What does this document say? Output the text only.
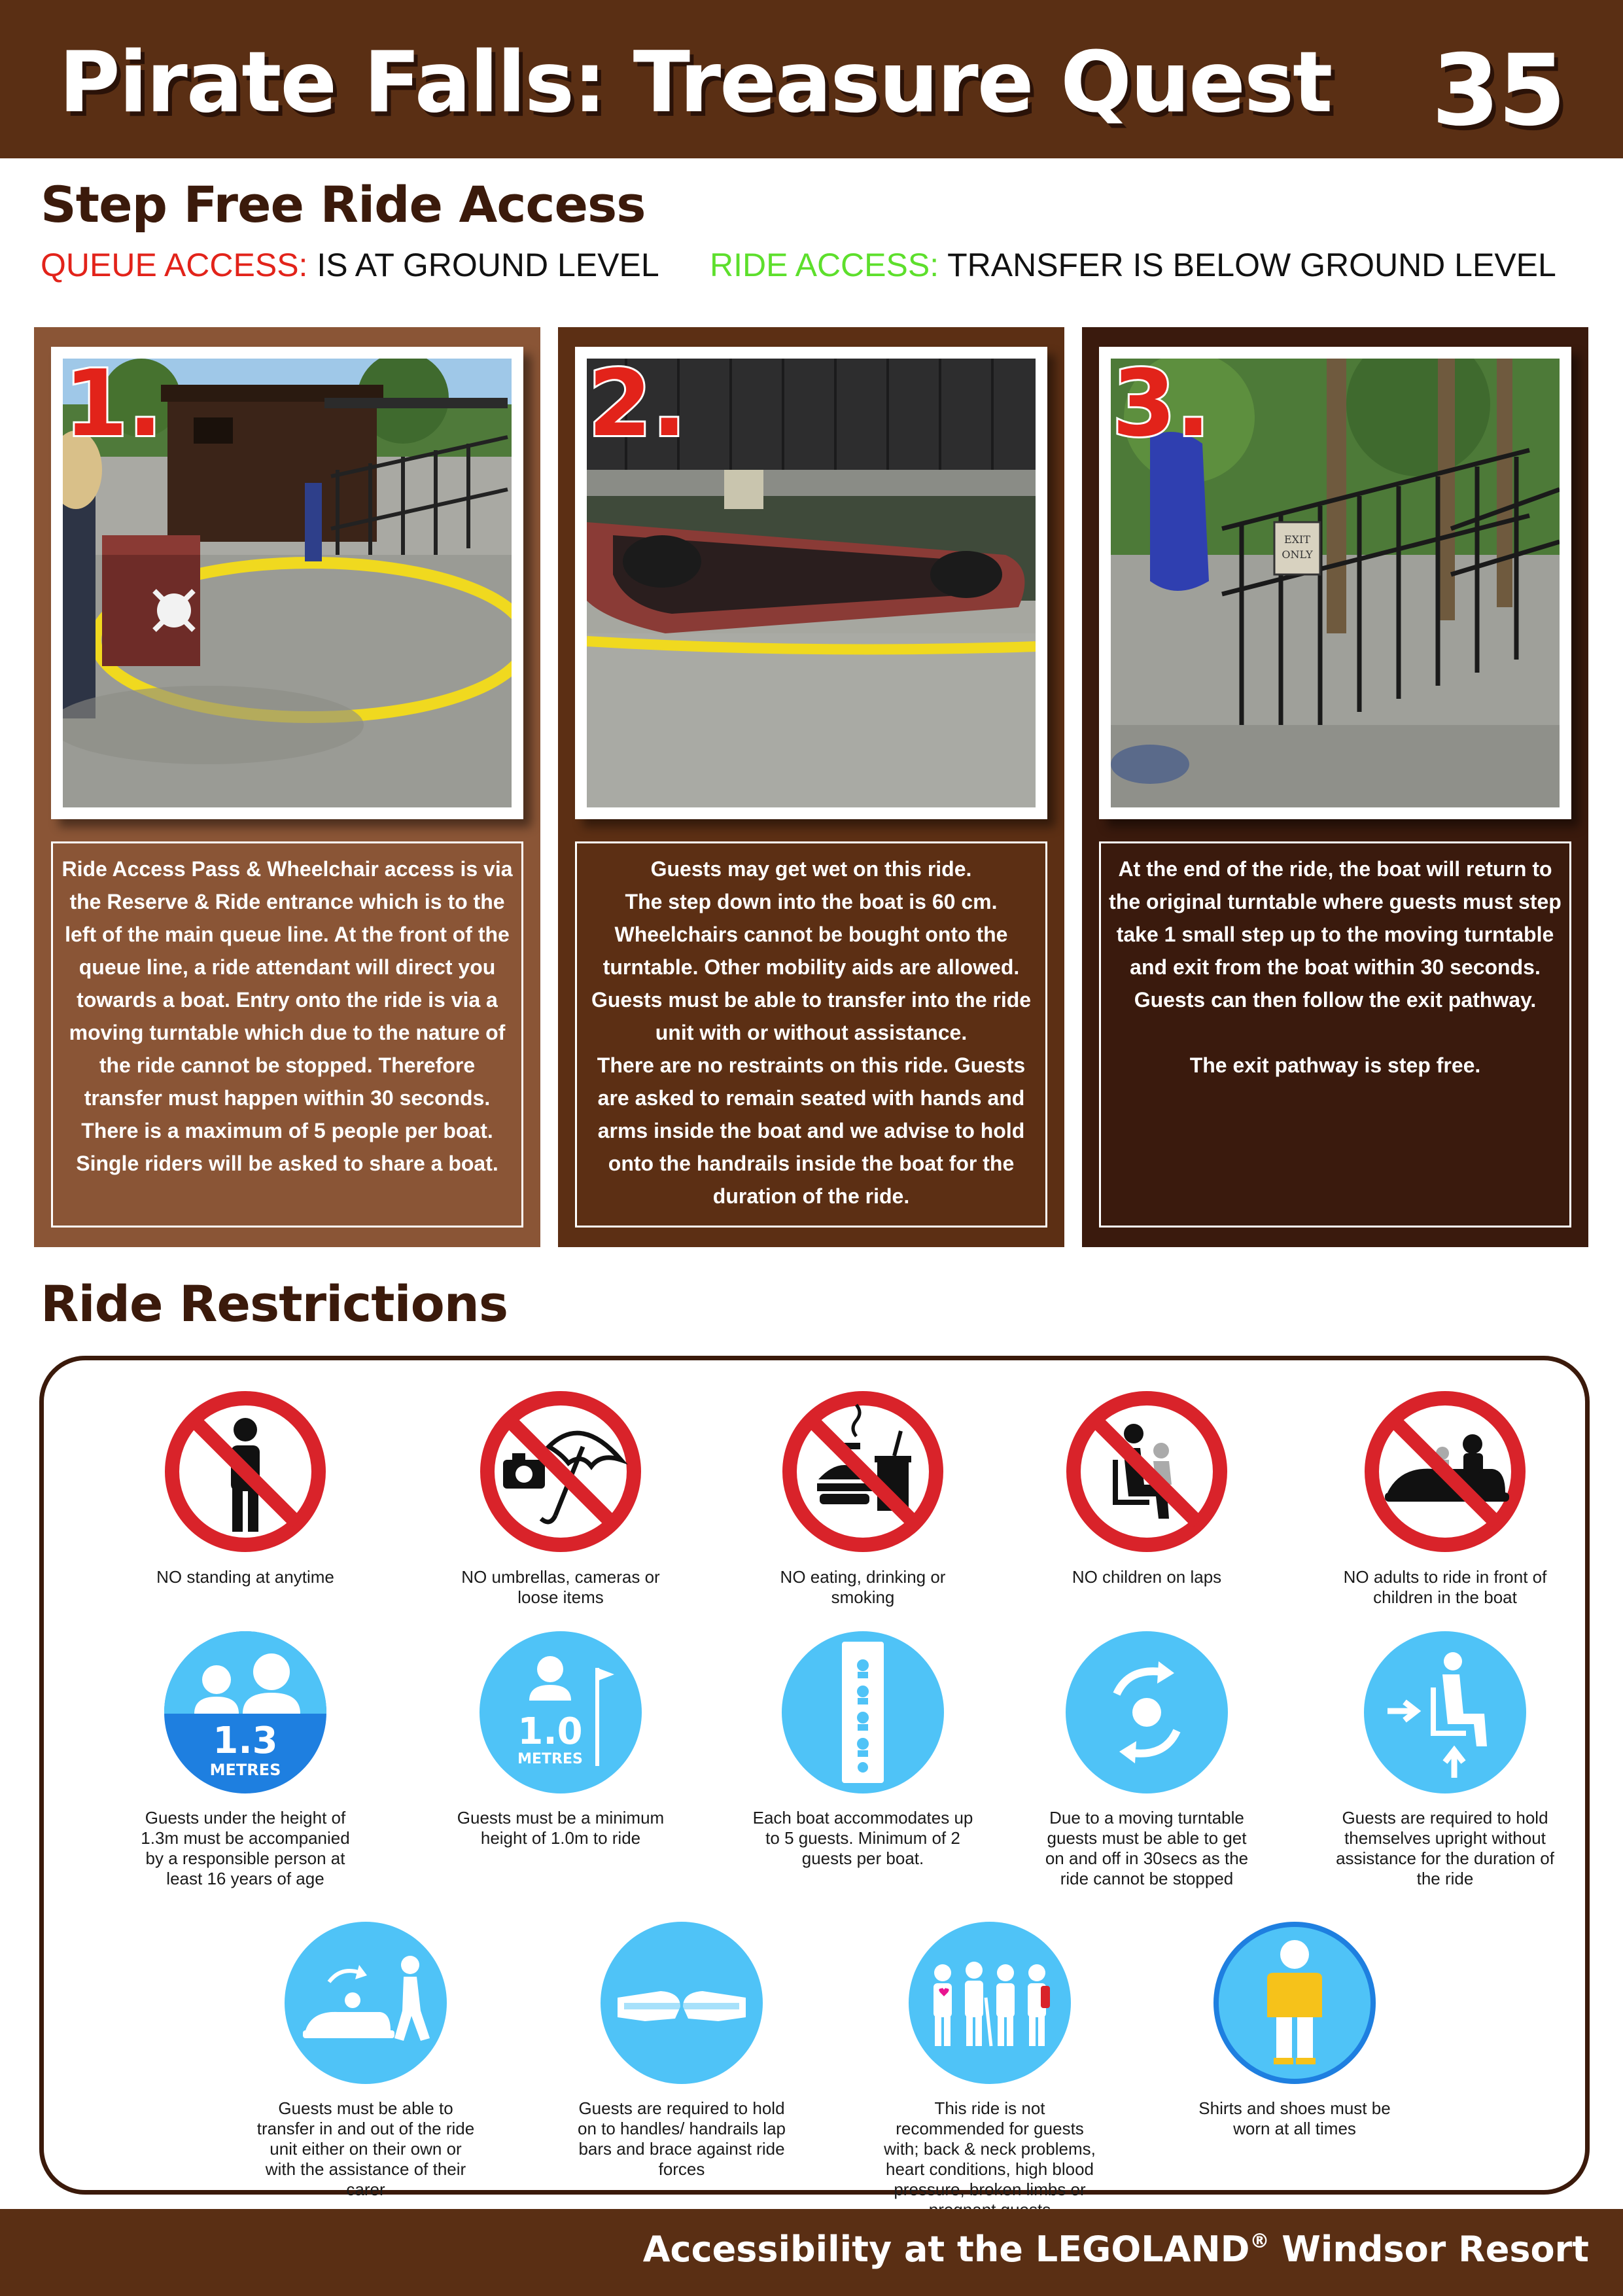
Pirate Falls: Treasure Quest 35
Step Free Ride Access
QUEUE ACCESS: IS AT GROUND LEVEL RIDE ACCESS: TRANSFER IS BELOW GROUND LEVEL
1.

Ride Access Pass & Wheelchair access is via the Reserve & Ride entrance which is to the left of the main queue line. At the front of the queue line, a ride attendant will direct you towards a boat. Entry onto the ride is via a moving turntable which due to the nature of the ride cannot be stopped. Therefore transfer must happen within 30 seconds. There is a maximum of 5 people per boat. Single riders will be asked to share a boat.

2.

Guests may get wet on this ride.

The step down into the boat is 60 cm.

Wheelchairs cannot be bought onto the turntable. Other mobility aids are allowed. Guests must be able to transfer into the ride unit with or without assistance.

There are no restraints on this ride. Guests are asked to remain seated with hands and arms inside the boat and we advise to hold onto the handrails inside the boat for the duration of the ride.

EXIT
ONLY
3.

At the end of the ride, the boat will return to the original turntable where guests must step take 1 small step up to the moving turntable and exit from the boat within 30 seconds. Guests can then follow the exit pathway.

The exit pathway is step free.

Ride Restrictions
NO standing at anytime	NO umbrellas, cameras or loose items
NO eating, drinking or smoking
NO children on laps	NO adults to ride in front of children in the boat
1.3
METRES
Guests under the height of 1.3m must be accompanied by a responsible person at least 16 years of age
1.0
METRES
Guests must be a minimum height of 1.0m to ride
Each boat accommodates up to 5 guests. Minimum of 2 guests per boat.
Due to a moving turntable guests must be able to get on and off in 30secs as the ride cannot be stopped
Guests are required to hold themselves upright without assistance for the duration of the ride
Guests must be able to transfer in and out of the ride unit either on their own or with the assistance of their carer
Guests are required to hold on to handles/ handrails lap bars and brace against ride forces
This ride is not recommended for guests with; back & neck problems, heart conditions, high blood pressure, broken limbs or
Shirts and shoes must be worn at all times
Accessibility at the LEGOLAND® Windsor Resort
